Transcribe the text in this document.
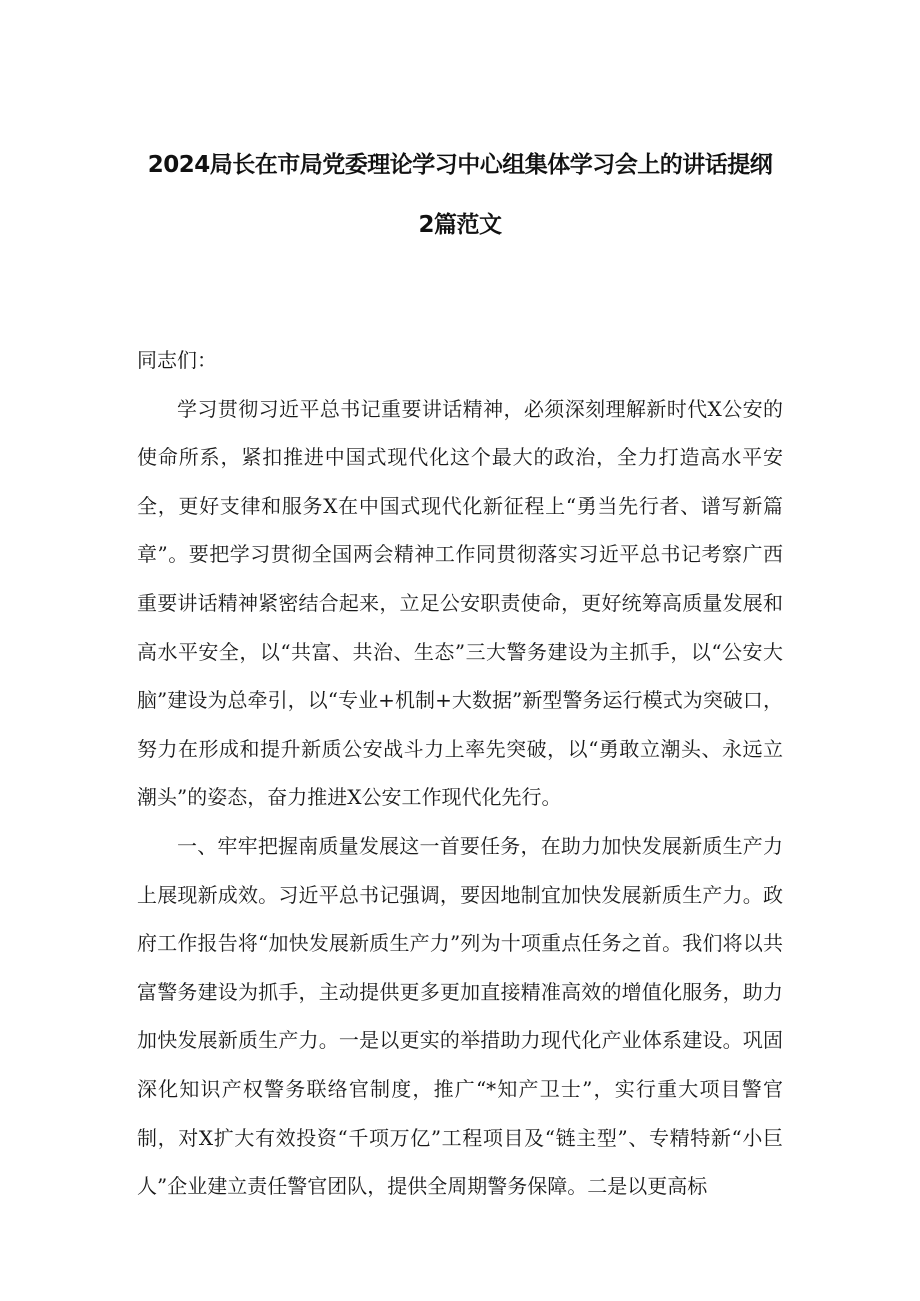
2024局长在市局党委理论学习中心组集体学习会上的讲话提纲
2篇范文

同志们：

学习贯彻习近平总书记重要讲话精神，必须深刻理解新时代X公安的使命所系，紧扣推进中国式现代化这个最大的政治，全力打造高水平安全，更好支律和服务X在中国式现代化新征程上“勇当先行者、谱写新篇章”。要把学习贯彻全国两会精神工作同贯彻落实习近平总书记考察广西重要讲话精神紧密结合起来，立足公安职责使命，更好统筹高质量发展和高水平安全，以“共富、共治、生态”三大警务建设为主抓手，以“公安大脑”建设为总牵引，以“专业+机制+大数据”新型警务运行模式为突破口，努力在形成和提升新质公安战斗力上率先突破，以“勇敢立潮头、永远立潮头”的姿态，奋力推进X公安工作现代化先行。

一、牢牢把握南质量发展这一首要任务，在助力加快发展新质生产力上展现新成效。习近平总书记强调，要因地制宜加快发展新质生产力。政府工作报告将“加快发展新质生产力”列为十项重点任务之首。我们将以共富警务建设为抓手，主动提供更多更加直接精准高效的增值化服务，助力加快发展新质生产力。一是以更实的举措助力现代化产业体系建设。巩固深化知识产权警务联络官制度，推广“*知产卫士”，实行重大项目警官制，对X扩大有效投资“千项万亿”工程项目及“链主型”、专精特新“小巨人”企业建立责任警官团队，提供全周期警务保障。二是以更高标
